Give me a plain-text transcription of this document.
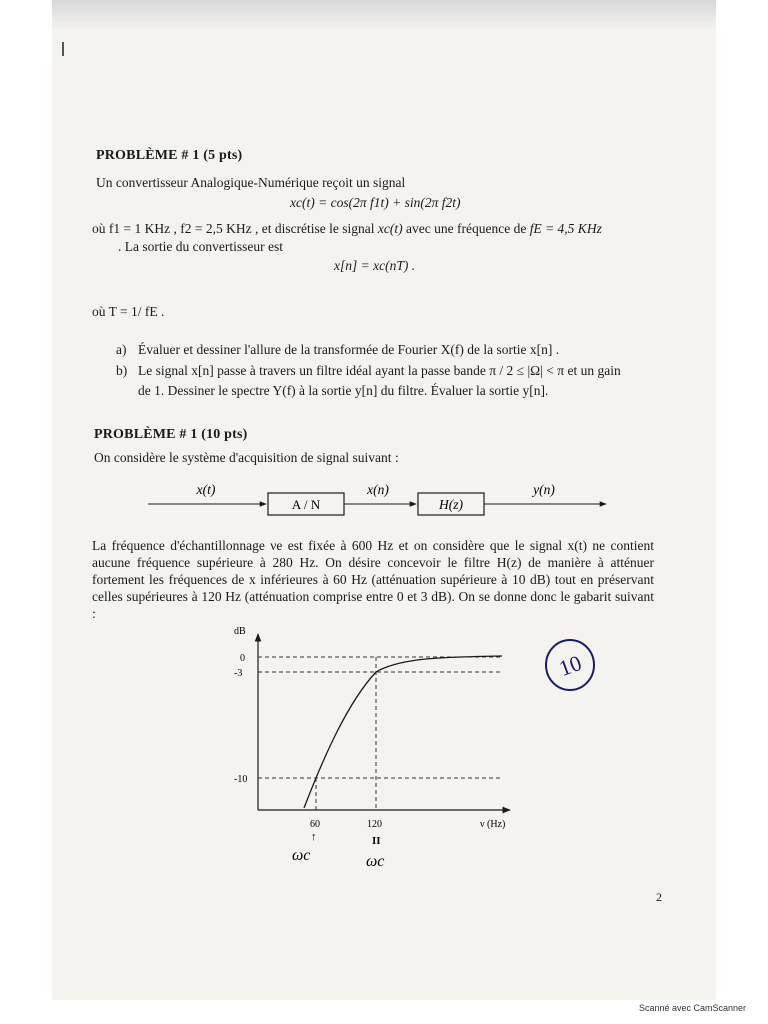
PROBLÈME # 1 (5 pts)
Un convertisseur Analogique-Numérique reçoit un signal
xc(t) = cos(2π f1t) + sin(2π f2t)
où f1 = 1 KHz , f2 = 2,5 KHz , et discrétise le signal xc(t) avec une fréquence de fE = 4,5 KHz
. La sortie du convertisseur est
x[n] = xc(nT) .
où T = 1/ fE .
a) Évaluer et dessiner l'allure de la transformée de Fourier X(f) de la sortie x[n] .
b) Le signal x[n] passe à travers un filtre idéal ayant la passe bande π / 2 ≤ |Ω| < π et un gain
de 1. Dessiner le spectre Y(f) à la sortie y[n] du filtre. Évaluer la sortie y[n].
PROBLÈME # 1 (10 pts)
On considère le système d'acquisition de signal suivant :
x(t)
A / N
x(n)
H(z)
y(n)
La fréquence d'échantillonnage νe est fixée à 600 Hz et on considère que le signal x(t) ne contient aucune fréquence supérieure à 280 Hz. On désire concevoir le filtre H(z) de manière à atténuer fortement les fréquences de x inférieures à 60 Hz (atténuation supérieure à 10 dB) tout en préservant celles supérieures à 120 Hz (atténuation comprise entre 0 et 3 dB). On se donne donc le gabarit suivant :
dB
0
-3
-10
60	120	ν (Hz)
↑	II
ωc	ωc
10
2
Scanné avec CamScanner
